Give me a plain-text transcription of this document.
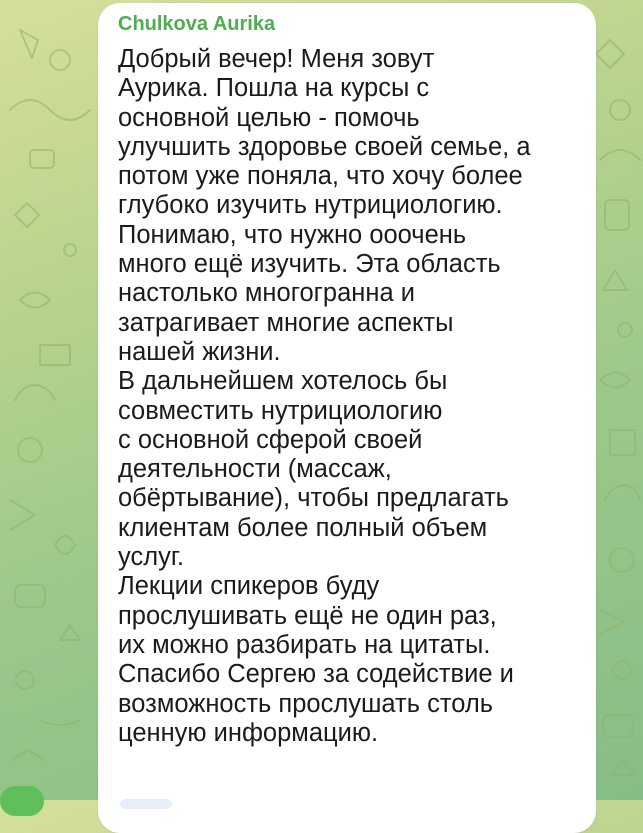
Chulkova Aurika

Добрый вечер! Меня зовут
Аурика. Пошла на курсы с
основной целью - помочь
улучшить здоровье своей семье, а
потом уже поняла, что хочу более
глубоко изучить нутрициологию.
Понимаю, что нужно ооочень
много ещё изучить. Эта область
настолько многогранна и
затрагивает многие аспекты
нашей жизни.
В дальнейшем хотелось бы
совместить нутрициологию
с основной сферой своей
деятельности (массаж,
обёртывание), чтобы предлагать
клиентам более полный объем
услуг.
Лекции спикеров буду
прослушивать ещё не один раз,
их можно разбирать на цитаты.
Спасибо Сергею за содействие и
возможность прослушать столь
ценную информацию.
